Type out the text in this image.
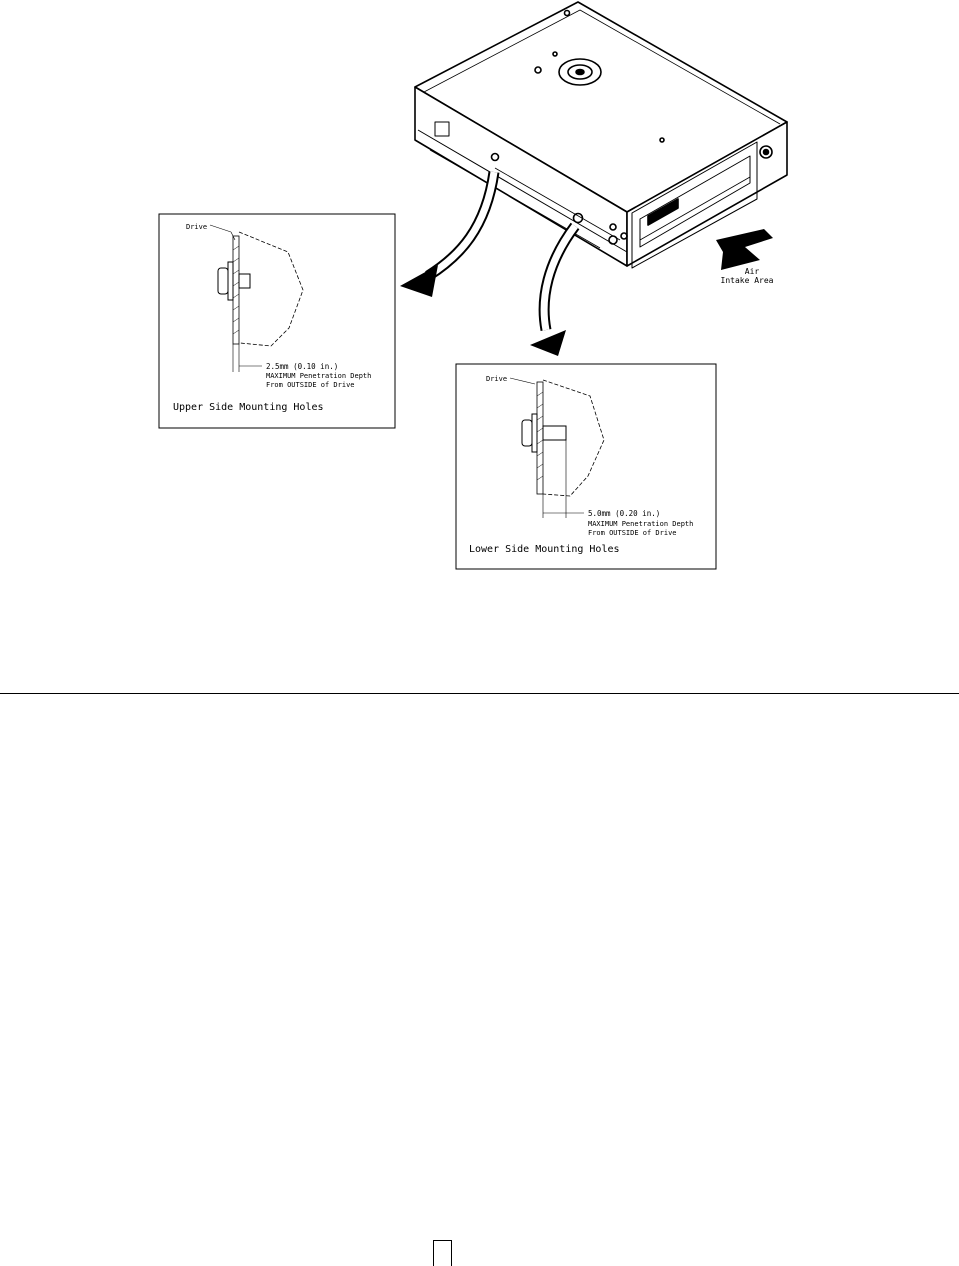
Air
Intake Area
Drive
2.5mm (0.10 in.)
MAXIMUM Penetration Depth
From OUTSIDE of Drive
Upper Side Mounting Holes
Drive
5.0mm (0.20 in.)
MAXIMUM Penetration Depth
From OUTSIDE of Drive
Lower Side Mounting Holes
